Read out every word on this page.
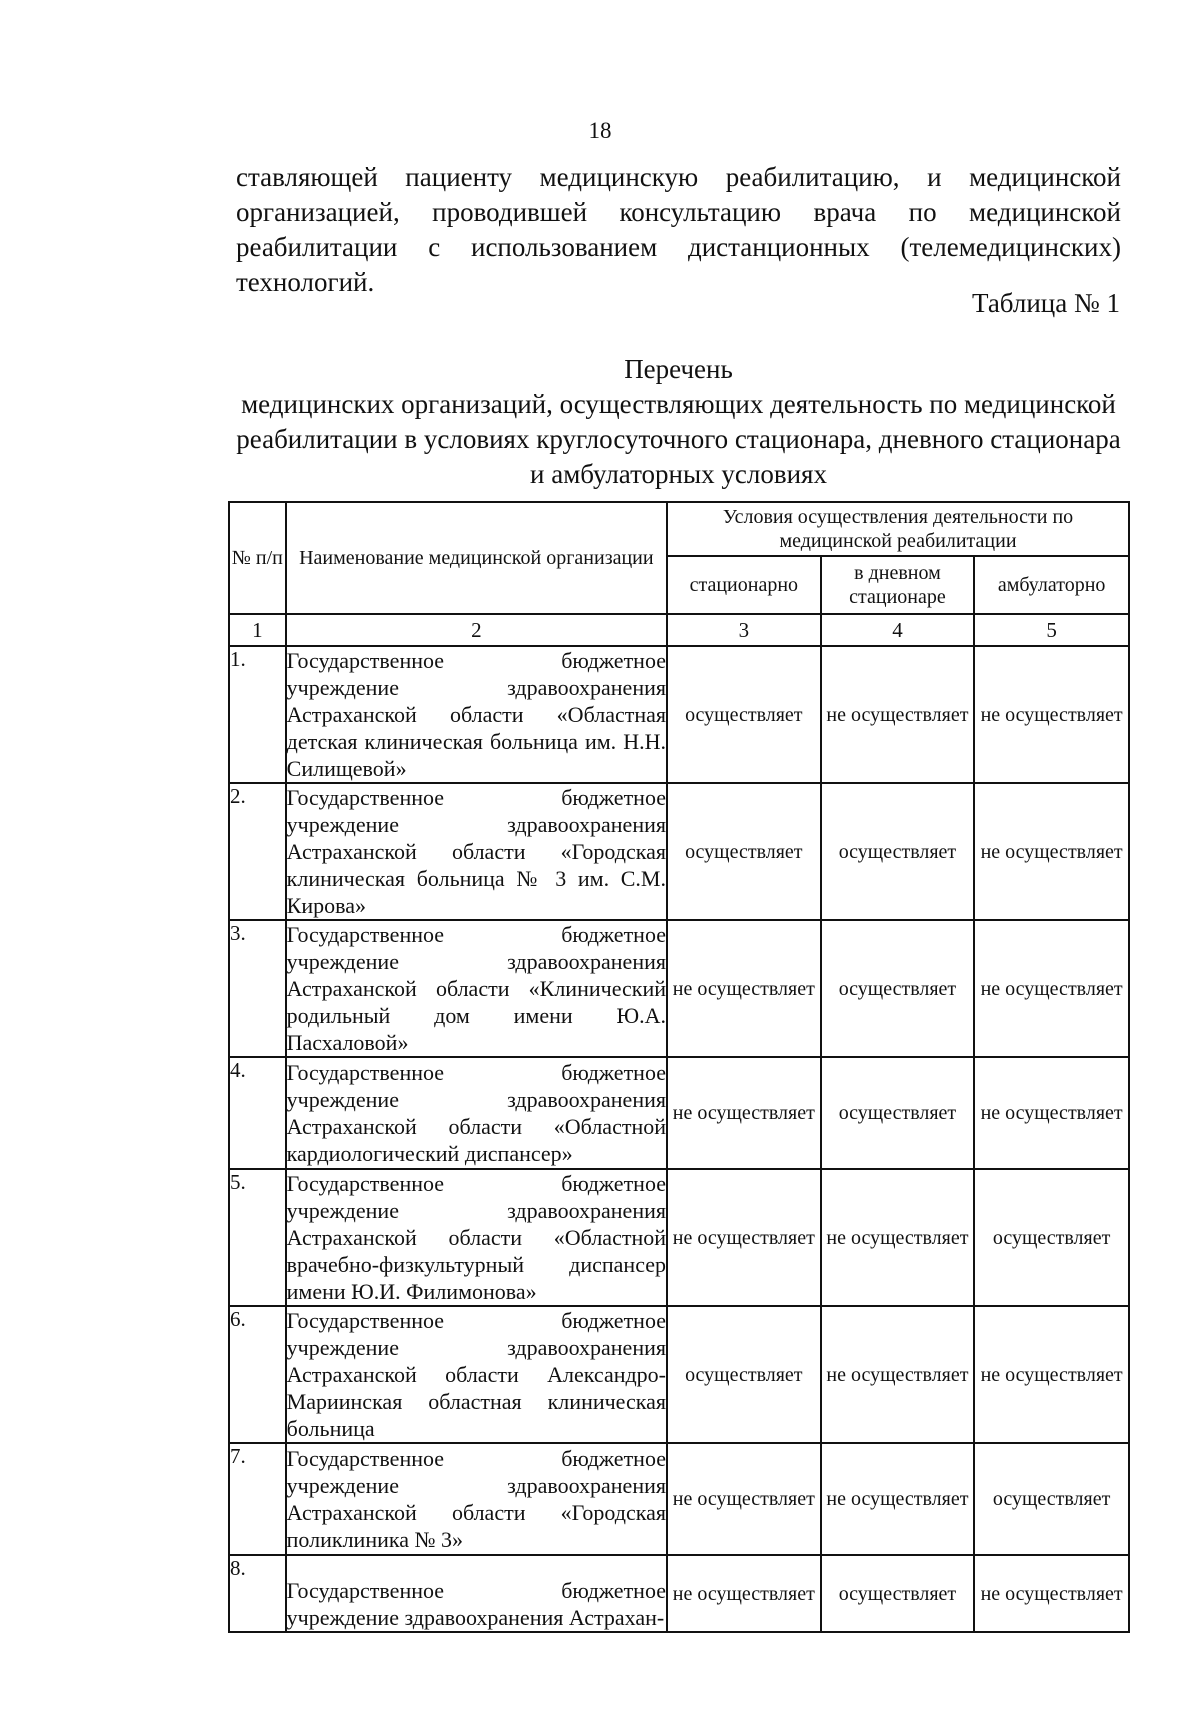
18

ставляющей пациенту медицинскую реабилитацию, и медицинской организацией, проводившей консультацию врача по медицинской реабилитации с использованием дистанционных (телемедицинских) технологий.

Таблица № 1
Перечень
медицинских организаций, осуществляющих деятельность по медицинской
реабилитации в условиях круглосуточного стационара, дневного стационара
и амбулаторных условиях
№ п/п	Наименование медицинской организации	Условия осуществления деятельности по медицинской реабилитации		
		стационарно	в дневном стационаре	амбулаторно
1	2	3	4	5
1.	Государственное бюджетное учреждение здравоохранения Астраханской области «Областная детская клиническая больница им. Н.Н. Силищевой»	осуществляет	не осуществляет	не осуществляет
2.	Государственное бюджетное учреждение здравоохранения Астраханской области «Городская клиническая больница № 3 им. С.М. Кирова»	осуществляет	осуществляет	не осуществляет
3.	Государственное бюджетное учреждение здравоохранения Астраханской области «Клинический родильный дом имени Ю.А. Пасхаловой»	не осуществляет	осуществляет	не осуществляет
4.	Государственное бюджетное учреждение здравоохранения Астраханской области «Областной кардиологический диспансер»	не осуществляет	осуществляет	не осуществляет
5.	Государственное бюджетное учреждение здравоохранения Астраханской области «Областной врачебно-физкультурный диспансер имени Ю.И. Филимонова»	не осуществляет	не осуществляет	осуществляет
6.	Государственное бюджетное учреждение здравоохранения Астраханской области Александро-Мариинская областная клиническая больница	осуществляет	не осуществляет	не осуществляет
7.	Государственное бюджетное учреждение здравоохранения Астраханской области «Городская поликлиника № 3»	не осуществляет	не осуществляет	осуществляет
8.	Государственное бюджетное учреждение здравоохранения Астрахан-	не осуществляет	осуществляет	не осуществляет
